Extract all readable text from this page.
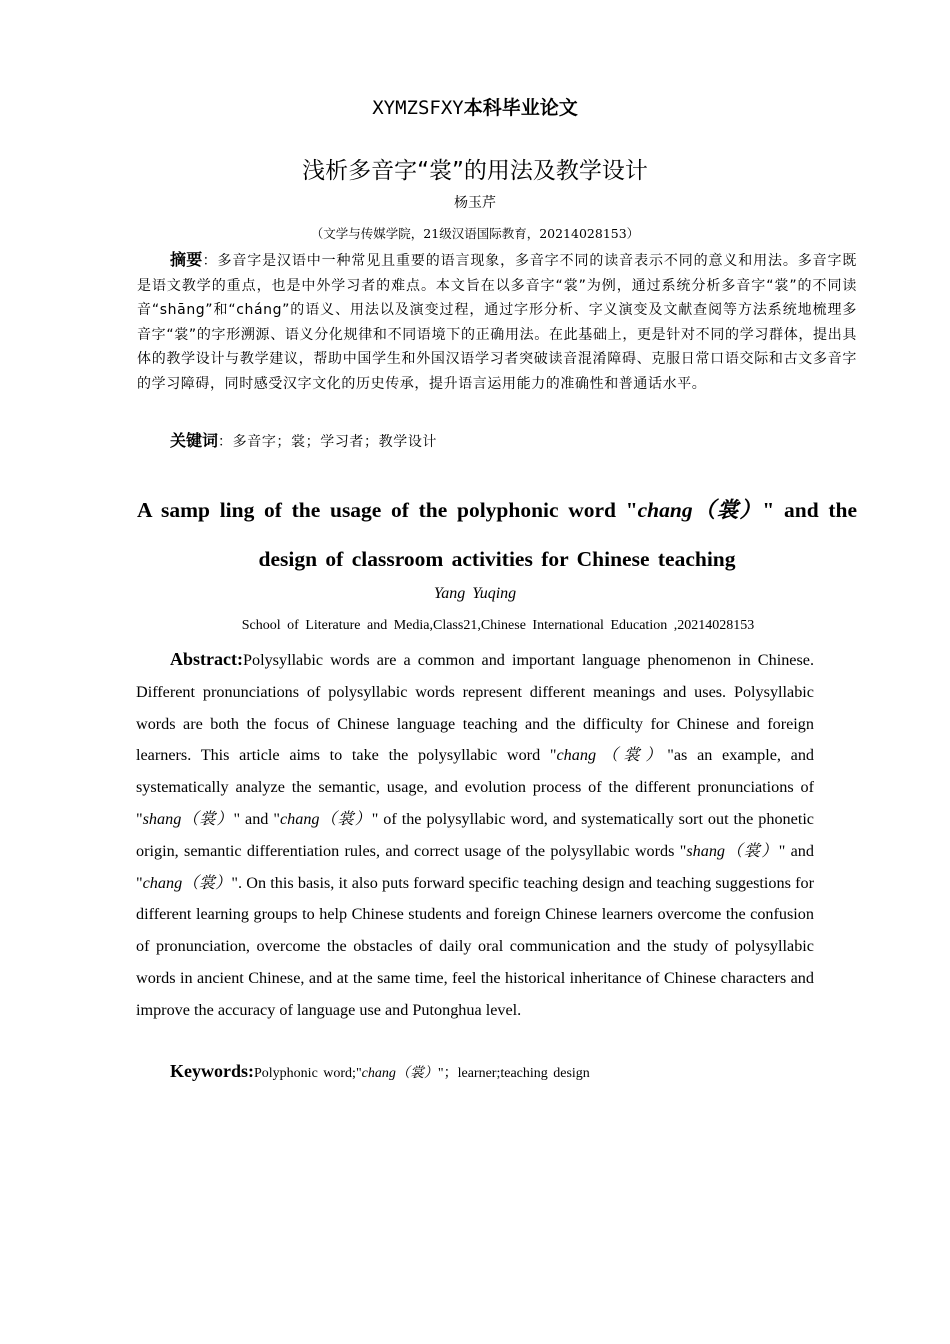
XYMZSFXY本科毕业论文
浅析多音字“裳”的用法及教学设计
杨玉芹
（文学与传媒学院，21级汉语国际教育，20214028153）
摘要：多音字是汉语中一种常见且重要的语言现象，多音字不同的读音表示不同的意义和用法。多音字既是语文教学的重点，也是中外学习者的难点。本文旨在以多音字“裳”为例，通过系统分析多音字“裳”的不同读音“shāng”和“cháng”的语义、用法以及演变过程，通过字形分析、字义演变及文献查阅等方法系统地梳理多音字“裳”的字形溯源、语义分化规律和不同语境下的正确用法。在此基础上，更是针对不同的学习群体，提出具体的教学设计与教学建议，帮助中国学生和外国汉语学习者突破读音混淆障碍、克服日常口语交际和古文多音字的学习障碍，同时感受汉字文化的历史传承，提升语言运用能力的准确性和普通话水平。
关键词：多音字；裳；学习者；教学设计
A samp ling of the usage of the polyphonic word "chang（裳）" and the design of classroom activities for Chinese teaching
Yang Yuqing
School of Literature and Media,Class21,Chinese International Education ,20214028153
Abstract:Polysyllabic words are a common and important language phenomenon in Chinese. Different pronunciations of polysyllabic words represent different meanings and uses. Polysyllabic words are both the focus of Chinese language teaching and the difficulty for Chinese and foreign learners. This article aims to take the polysyllabic word "chang（裳）"as an example, and systematically analyze the semantic, usage, and evolution process of the different pronunciations of "shang（裳）" and "chang（裳）" of the polysyllabic word, and systematically sort out the phonetic origin, semantic differentiation rules, and correct usage of the polysyllabic words "shang（裳）" and "chang（裳）". On this basis, it also puts forward specific teaching design and teaching suggestions for different learning groups to help Chinese students and foreign Chinese learners overcome the confusion of pronunciation, overcome the obstacles of daily oral communication and the study of polysyllabic words in ancient Chinese, and at the same time, feel the historical inheritance of Chinese characters and improve the accuracy of language use and Putonghua level.
Keywords:Polyphonic word;"chang（裳）"；learner;teaching design
